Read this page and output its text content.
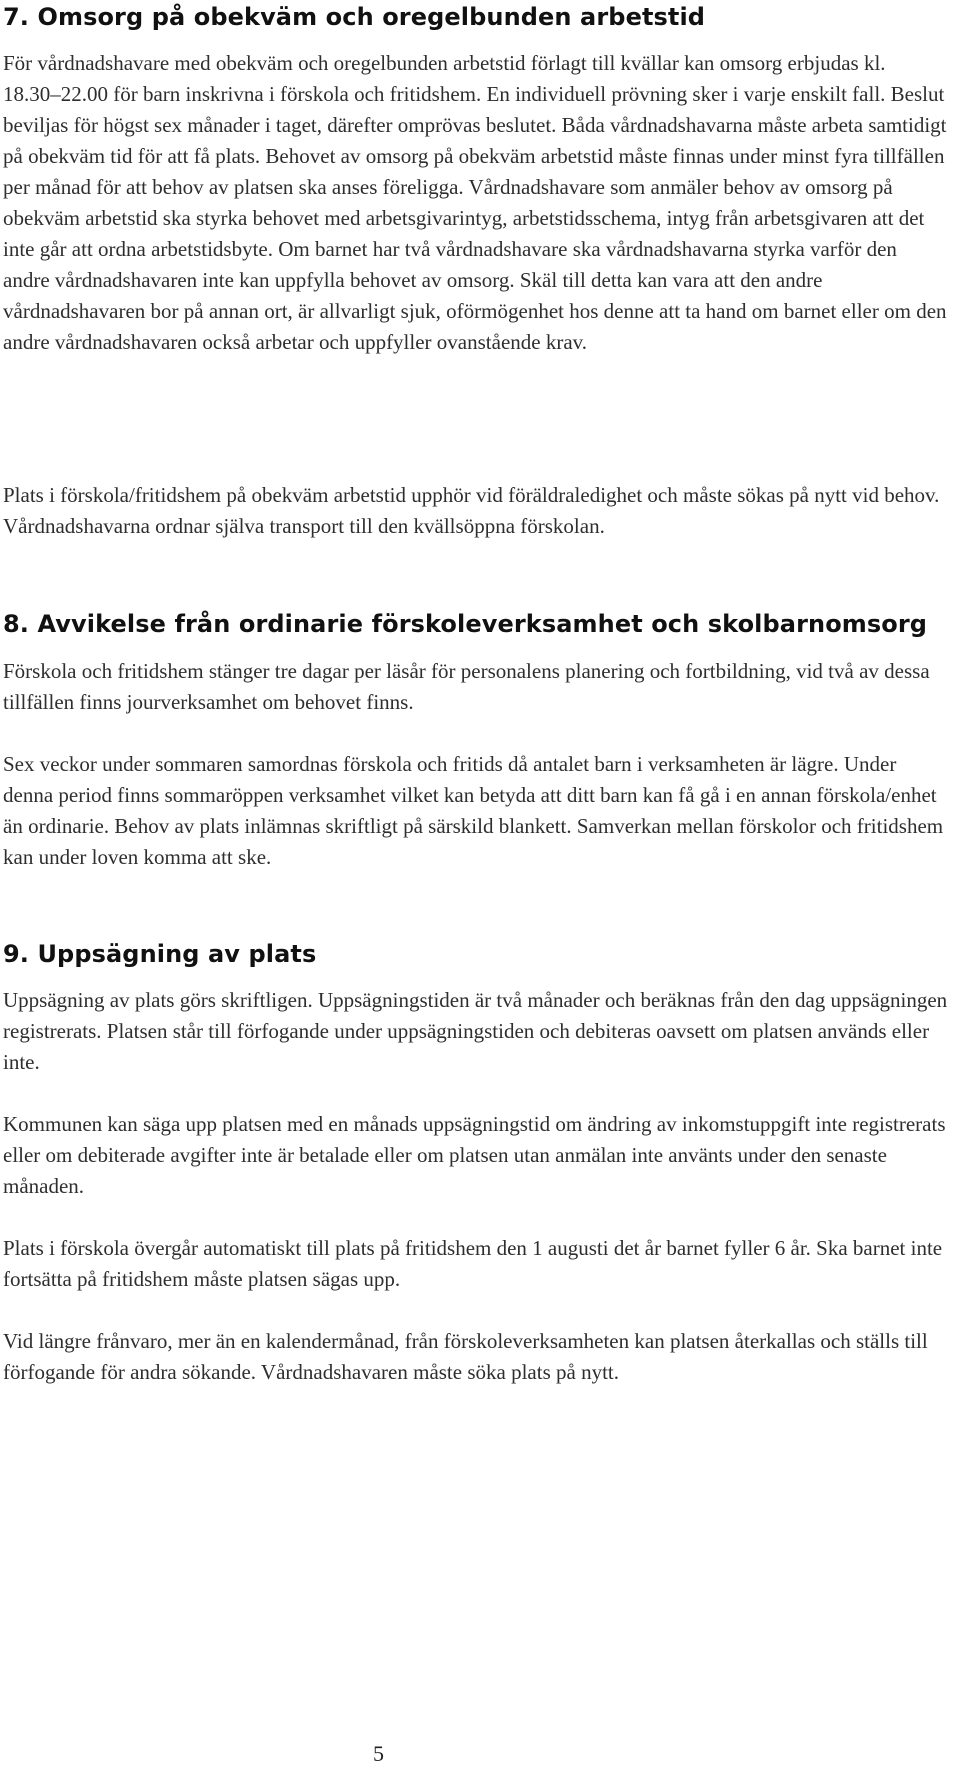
7. Omsorg på obekväm och oregelbunden arbetstid

För vårdnadshavare med obekväm och oregelbunden arbetstid förlagt till kvällar kan omsorg erbjudas kl. 18.30–22.00 för barn inskrivna i förskola och fritidshem. En individuell prövning sker i varje enskilt fall. Beslut beviljas för högst sex månader i taget, därefter omprövas beslutet. Båda vårdnadshavarna måste arbeta samtidigt på obekväm tid för att få plats. Behovet av omsorg på obekväm arbetstid måste finnas under minst fyra tillfällen per månad för att behov av platsen ska anses föreligga. Vårdnadshavare som anmäler behov av omsorg på obekväm arbetstid ska styrka behovet med arbetsgivarintyg, arbetstidsschema, intyg från arbetsgivaren att det inte går att ordna arbetstidsbyte. Om barnet har två vårdnadshavare ska vårdnadshavarna styrka varför den andre vårdnadshavaren inte kan uppfylla behovet av omsorg. Skäl till detta kan vara att den andre vårdnadshavaren bor på annan ort, är allvarligt sjuk, oförmögenhet hos denne att ta hand om barnet eller om den andre vårdnadshavaren också arbetar och uppfyller ovanstående krav.

Plats i förskola/fritidshem på obekväm arbetstid upphör vid föräldraledighet och måste sökas på nytt vid behov. Vårdnadshavarna ordnar själva transport till den kvällsöppna förskolan.

8. Avvikelse från ordinarie förskoleverksamhet och skolbarnomsorg

Förskola och fritidshem stänger tre dagar per läsår för personalens planering och fortbildning, vid två av dessa tillfällen finns jourverksamhet om behovet finns.

Sex veckor under sommaren samordnas förskola och fritids då antalet barn i verksamheten är lägre. Under denna period finns sommaröppen verksamhet vilket kan betyda att ditt barn kan få gå i en annan förskola/enhet än ordinarie. Behov av plats inlämnas skriftligt på särskild blankett. Samverkan mellan förskolor och fritidshem kan under loven komma att ske.

9. Uppsägning av plats

Uppsägning av plats görs skriftligen. Uppsägningstiden är två månader och beräknas från den dag uppsägningen registrerats. Platsen står till förfogande under uppsägningstiden och debiteras oavsett om platsen används eller inte.

Kommunen kan säga upp platsen med en månads uppsägningstid om ändring av inkomstuppgift inte registrerats eller om debiterade avgifter inte är betalade eller om platsen utan anmälan inte använts under den senaste månaden.

Plats i förskola övergår automatiskt till plats på fritidshem den 1 augusti det år barnet fyller 6 år. Ska barnet inte fortsätta på fritidshem måste platsen sägas upp.

Vid längre frånvaro, mer än en kalendermånad, från förskoleverksamheten kan platsen återkallas och ställs till förfogande för andra sökande. Vårdnadshavaren måste söka plats på nytt.

5
